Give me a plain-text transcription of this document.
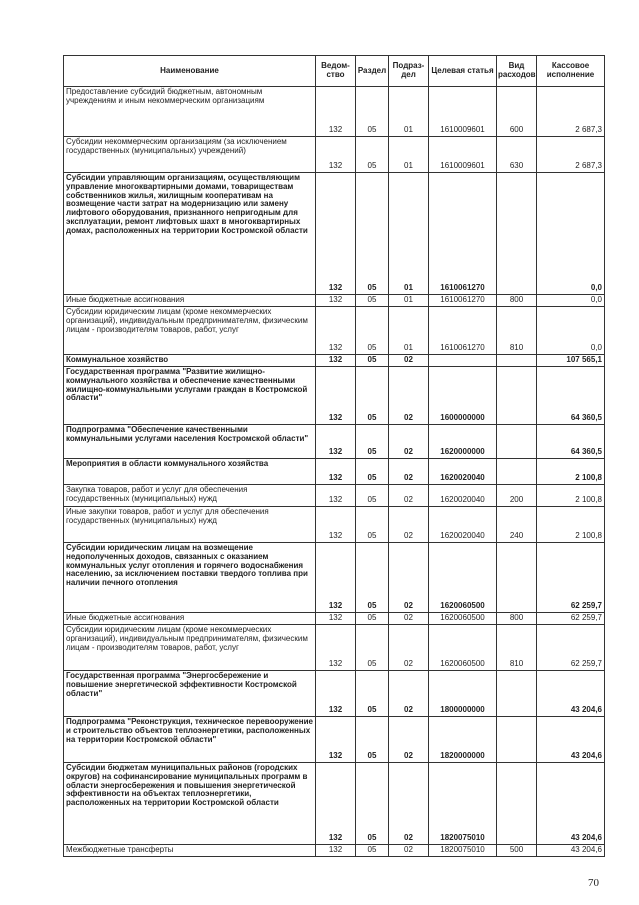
Наименование	Ведом-ство	Раздел	Подраз-дел	Целевая статья	Вид расходов	Кассовое исполнение
Предоставление субсидий бюджетным, автономным учреждениям и иным некоммерческим организациям	132	05	01	1610009601	600	2 687,3
Субсидии некоммерческим организациям (за исключением государственных (муниципальных) учреждений)	132	05	01	1610009601	630	2 687,3
Субсидии управляющим организациям, осуществляющим управление многоквартирными домами, товариществам собственников жилья, жилищным кооперативам на возмещение части затрат на модернизацию или замену лифтового оборудования, признанного непригодным для эксплуатации, ремонт лифтовых шахт в многоквартирных домах, расположенных на территории Костромской области	132	05	01	1610061270		0,0
Иные бюджетные ассигнования	132	05	01	1610061270	800	0,0
Субсидии юридическим лицам (кроме некоммерческих организаций), индивидуальным предпринимателям, физическим лицам - производителям товаров, работ, услуг	132	05	01	1610061270	810	0,0
Коммунальное хозяйство	132	05	02			107 565,1
Государственная программа "Развитие жилищно-коммунального хозяйства и обеспечение качественными жилищно-коммунальными услугами граждан в Костромской области"	132	05	02	1600000000		64 360,5
Подпрограмма "Обеспечение качественными коммунальными услугами населения Костромской области"	132	05	02	1620000000		64 360,5
Мероприятия в области коммунального хозяйства	132	05	02	1620020040		2 100,8
Закупка товаров, работ и услуг для обеспечения государственных (муниципальных) нужд	132	05	02	1620020040	200	2 100,8
Иные закупки товаров, работ и услуг для обеспечения государственных (муниципальных) нужд	132	05	02	1620020040	240	2 100,8
Субсидии юридическим лицам на возмещение недополученных доходов, связанных с оказанием коммунальных услуг отопления и горячего водоснабжения населению, за исключением поставки твердого топлива при наличии печного отопления	132	05	02	1620060500		62 259,7
Иные бюджетные ассигнования	132	05	02	1620060500	800	62 259,7
Субсидии юридическим лицам (кроме некоммерческих организаций), индивидуальным предпринимателям, физическим лицам - производителям товаров, работ, услуг	132	05	02	1620060500	810	62 259,7
Государственная программа "Энергосбережение и повышение энергетической эффективности Костромской области"	132	05	02	1800000000		43 204,6
Подпрограмма "Реконструкция, техническое перевооружение и строительство объектов теплоэнергетики, расположенных на территории Костромской области"	132	05	02	1820000000		43 204,6
Субсидии бюджетам муниципальных районов (городских округов) на софинансирование муниципальных программ в области энергосбережения и повышения энергетической эффективности на объектах теплоэнергетики, расположенных на территории Костромской области	132	05	02	1820075010		43 204,6
Межбюджетные трансферты	132	05	02	1820075010	500	43 204,6
70
